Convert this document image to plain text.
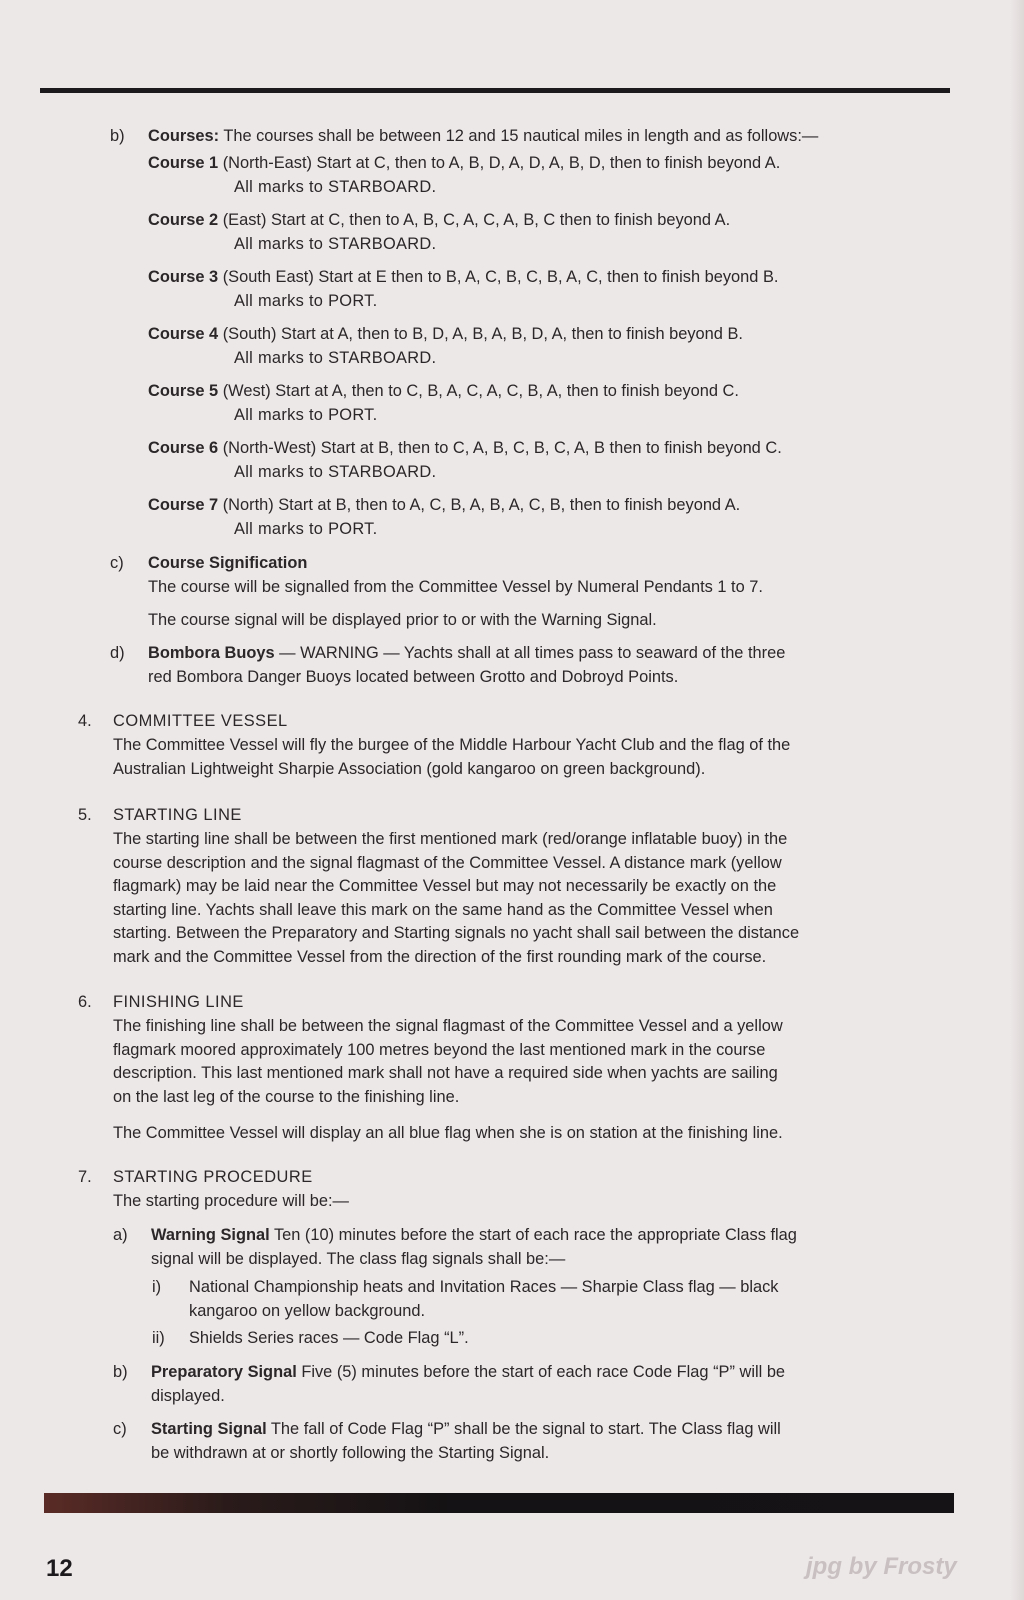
b) Courses: The courses shall be between 12 and 15 nautical miles in length and as follows:—
Course 1 (North-East) Start at C, then to A, B, D, A, D, A, B, D, then to finish beyond A.
All marks to STARBOARD.
Course 2 (East) Start at C, then to A, B, C, A, C, A, B, C then to finish beyond A.
All marks to STARBOARD.
Course 3 (South East) Start at E then to B, A, C, B, C, B, A, C, then to finish beyond B.
All marks to PORT.
Course 4 (South) Start at A, then to B, D, A, B, A, B, D, A, then to finish beyond B.
All marks to STARBOARD.
Course 5 (West) Start at A, then to C, B, A, C, A, C, B, A, then to finish beyond C.
All marks to PORT.
Course 6 (North-West) Start at B, then to C, A, B, C, B, C, A, B then to finish beyond C.
All marks to STARBOARD.
Course 7 (North) Start at B, then to A, C, B, A, B, A, C, B, then to finish beyond A.
All marks to PORT.
c) Course Signification
The course will be signalled from the Committee Vessel by Numeral Pendants 1 to 7.
The course signal will be displayed prior to or with the Warning Signal.
d) Bombora Buoys — WARNING — Yachts shall at all times pass to seaward of the three
red Bombora Danger Buoys located between Grotto and Dobroyd Points.
4. COMMITTEE VESSEL
The Committee Vessel will fly the burgee of the Middle Harbour Yacht Club and the flag of the
Australian Lightweight Sharpie Association (gold kangaroo on green background).
5. STARTING LINE
The starting line shall be between the first mentioned mark (red/orange inflatable buoy) in the
course description and the signal flagmast of the Committee Vessel. A distance mark (yellow
flagmark) may be laid near the Committee Vessel but may not necessarily be exactly on the
starting line. Yachts shall leave this mark on the same hand as the Committee Vessel when
starting. Between the Preparatory and Starting signals no yacht shall sail between the distance
mark and the Committee Vessel from the direction of the first rounding mark of the course.
6. FINISHING LINE
The finishing line shall be between the signal flagmast of the Committee Vessel and a yellow
flagmark moored approximately 100 metres beyond the last mentioned mark in the course
description. This last mentioned mark shall not have a required side when yachts are sailing
on the last leg of the course to the finishing line.
The Committee Vessel will display an all blue flag when she is on station at the finishing line.
7. STARTING PROCEDURE
The starting procedure will be:—
a) Warning Signal Ten (10) minutes before the start of each race the appropriate Class flag
signal will be displayed. The class flag signals shall be:—
i) National Championship heats and Invitation Races — Sharpie Class flag — black
kangaroo on yellow background.
ii) Shields Series races — Code Flag “L”.
b) Preparatory Signal Five (5) minutes before the start of each race Code Flag “P” will be
displayed.
c) Starting Signal The fall of Code Flag “P” shall be the signal to start. The Class flag will
be withdrawn at or shortly following the Starting Signal.
12	jpg by Frosty
